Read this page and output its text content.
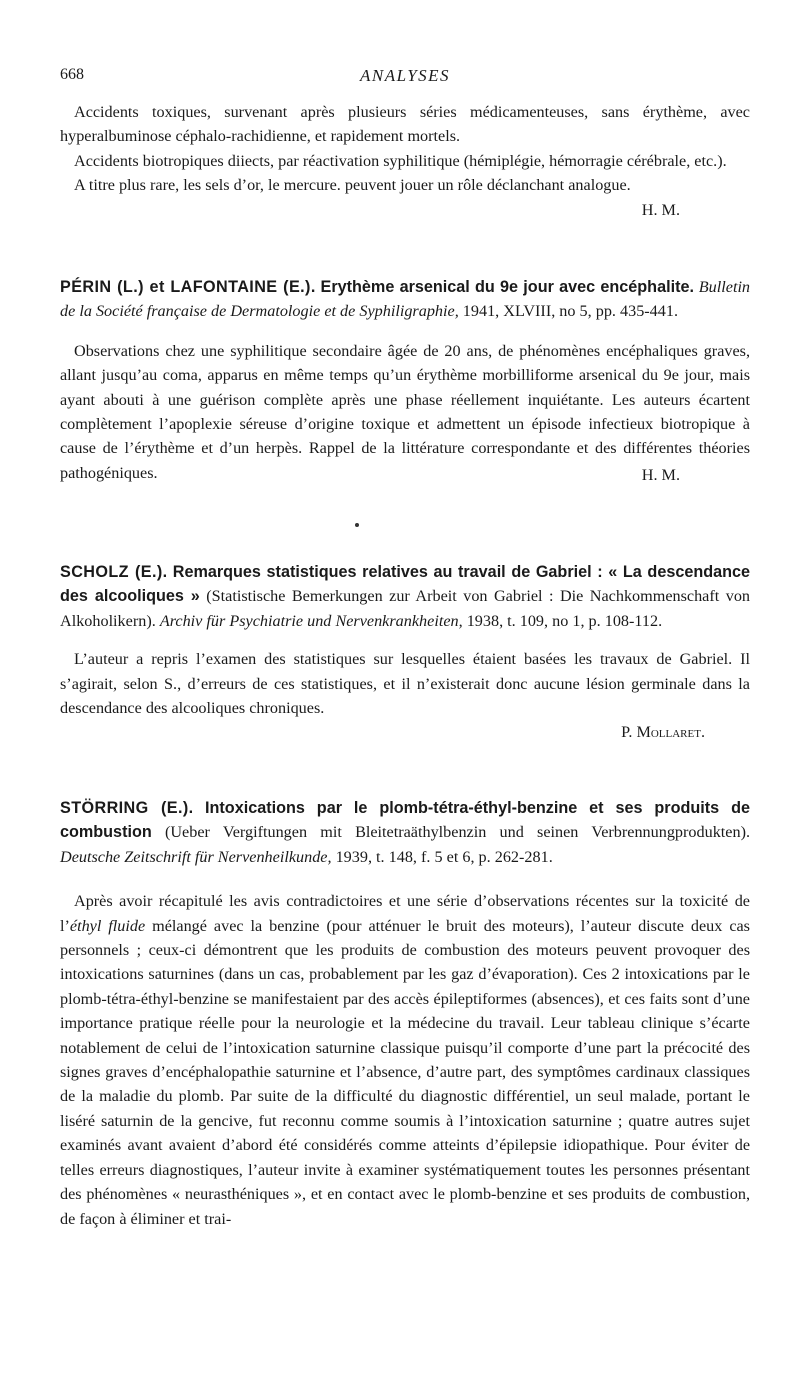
668	ANALYSES

Accidents toxiques, survenant après plusieurs séries médicamenteuses, sans érythème, avec hyperalbuminose céphalo-rachidienne, et rapidement mortels.

Accidents biotropiques diiects, par réactivation syphilitique (hémiplégie, hémorragie cérébrale, etc.).

A titre plus rare, les sels d’or, le mercure. peuvent jouer un rôle déclanchant analogue.

H. M.

PÉRIN (L.) et LAFONTAINE (E.). Erythème arsenical du 9e jour avec encéphalite. Bulletin de la Société française de Dermatologie et de Syphiligraphie, 1941, XLVIII, no 5, pp. 435-441.

Observations chez une syphilitique secondaire âgée de 20 ans, de phénomènes encéphaliques graves, allant jusqu’au coma, apparus en même temps qu’un érythème morbilliforme arsenical du 9e jour, mais ayant abouti à une guérison complète après une phase réellement inquiétante. Les auteurs écartent complètement l’apoplexie séreuse d’origine toxique et admettent un épisode infectieux biotropique à cause de l’érythème et d’un herpès. Rappel de la littérature correspondante et des différentes théories pathogéniques.	H. M.

SCHOLZ (E.). Remarques statistiques relatives au travail de Gabriel : « La descendance des alcooliques » (Statistische Bemerkungen zur Arbeit von Gabriel : Die Nachkommenschaft von Alkoholikern). Archiv für Psychiatrie und Nervenkrankheiten, 1938, t. 109, no 1, p. 108-112.

L’auteur a repris l’examen des statistiques sur lesquelles étaient basées les travaux de Gabriel. Il s’agirait, selon S., d’erreurs de ces statistiques, et il n’existerait donc aucune lésion germinale dans la descendance des alcooliques chroniques.

P. Mollaret.

STÖRRING (E.). Intoxications par le plomb-tétra-éthyl-benzine et ses produits de combustion (Ueber Vergiftungen mit Bleitetraäthylbenzin und seinen Verbrennungprodukten). Deutsche Zeitschrift für Nervenheilkunde, 1939, t. 148, f. 5 et 6, p. 262-281.

Après avoir récapitulé les avis contradictoires et une série d’observations récentes sur la toxicité de l’éthyl fluide mélangé avec la benzine (pour atténuer le bruit des moteurs), l’auteur discute deux cas personnels ; ceux-ci démontrent que les produits de combustion des moteurs peuvent provoquer des intoxications saturnines (dans un cas, probablement par les gaz d’évaporation). Ces 2 intoxications par le plomb-tétra-éthyl-benzine se manifestaient par des accès épileptiformes (absences), et ces faits sont d’une importance pratique réelle pour la neurologie et la médecine du travail. Leur tableau clinique s’écarte notablement de celui de l’intoxication saturnine classique puisqu’il comporte d’une part la précocité des signes graves d’encéphalopathie saturnine et l’absence, d’autre part, des symptômes cardinaux classiques de la maladie du plomb. Par suite de la difficulté du diagnostic différentiel, un seul malade, portant le liséré saturnin de la gencive, fut reconnu comme soumis à l’intoxication saturnine ; quatre autres sujet examinés avant avaient d’abord été considérés comme atteints d’épilepsie idiopathique. Pour éviter de telles erreurs diagnostiques, l’auteur invite à examiner systématiquement toutes les personnes présentant des phénomènes « neurasthéniques », et en contact avec le plomb-benzine et ses produits de combustion, de façon à éliminer et trai-
